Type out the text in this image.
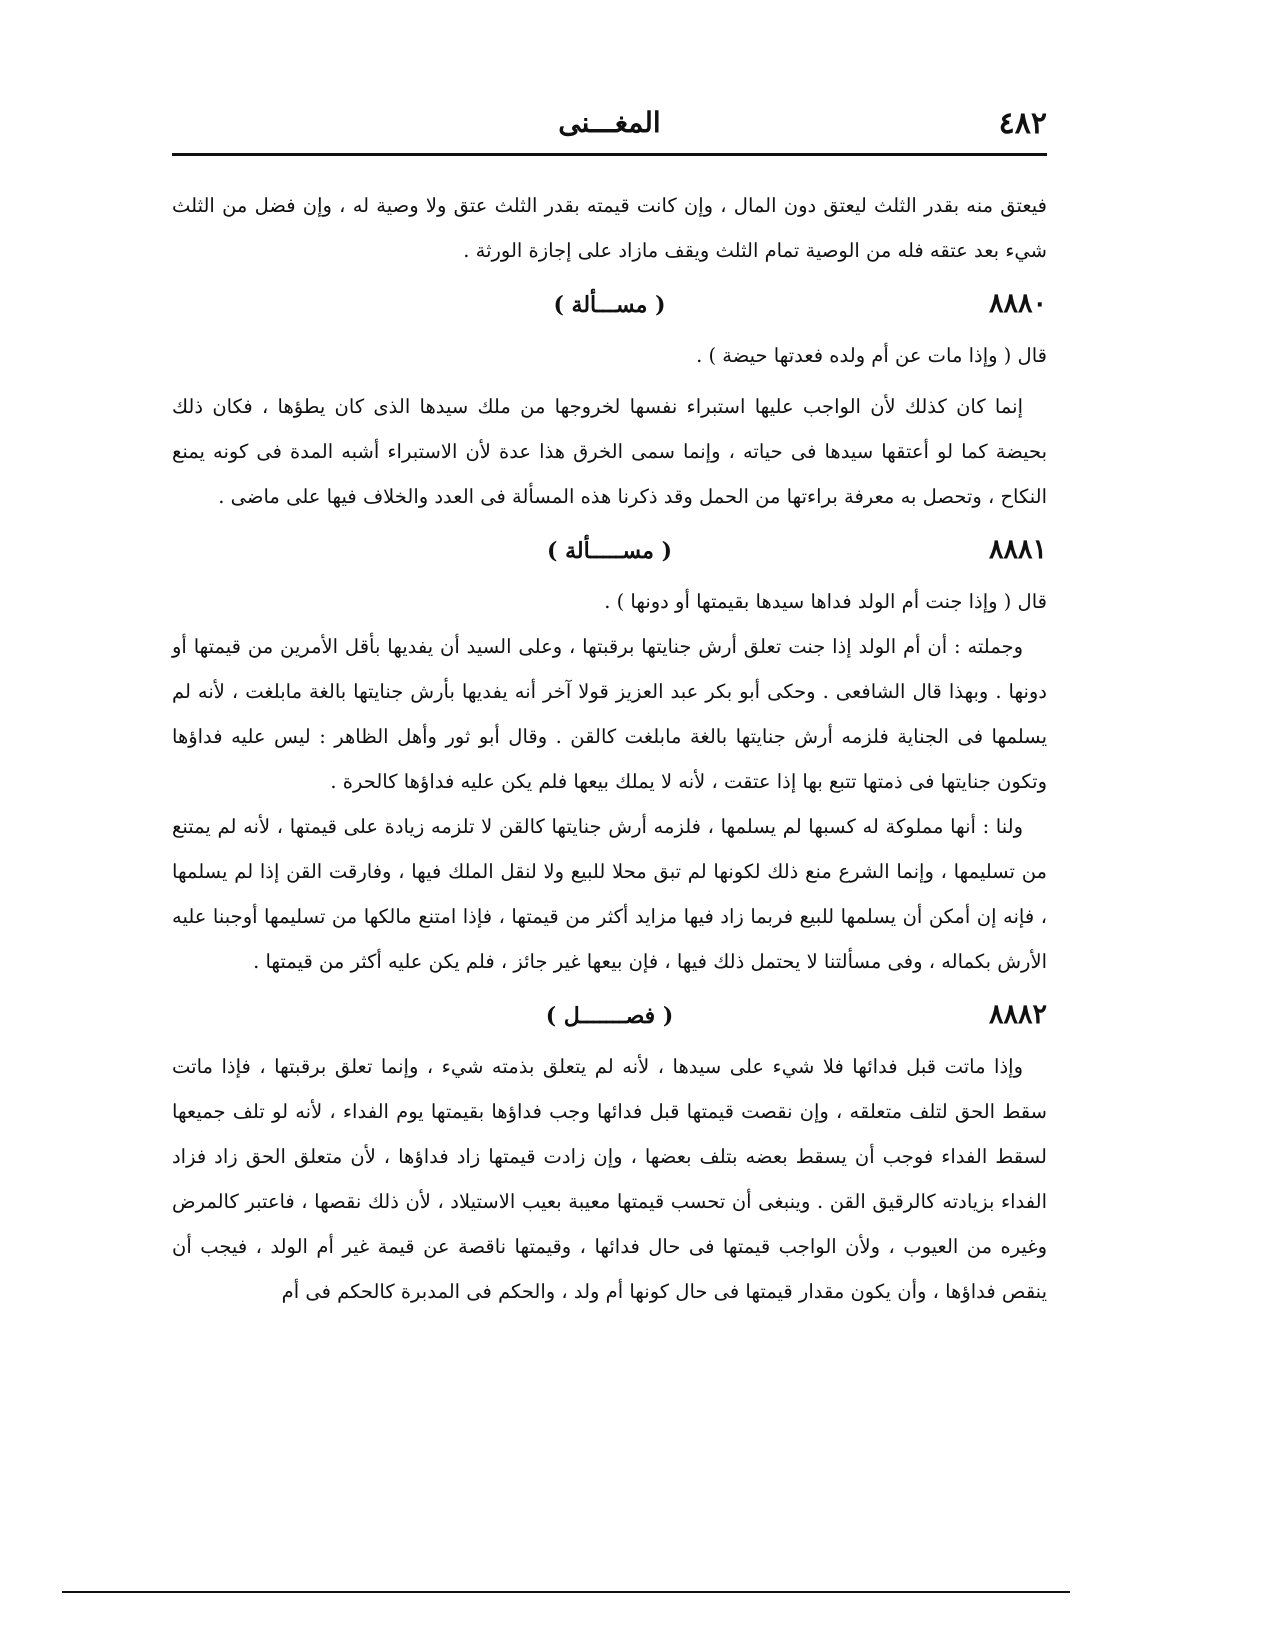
٤٨٢
المغـــنى

فيعتق منه بقدر الثلث ليعتق دون المال ، وإن كانت قيمته بقدر الثلث عتق ولا وصية له ، وإن فضل من الثلث شيء بعد عتقه فله من الوصية تمام الثلث ويقف مازاد على إجازة الورثة .

٨٨٨٠
( مســـألة )

قال ( وإذا مات عن أم ولده فعدتها حيضة ) .

إنما كان كذلك لأن الواجب عليها استبراء نفسها لخروجها من ملك سيدها الذى كان يطؤها ، فكان ذلك بحيضة كما لو أعتقها سيدها فى حياته ، وإنما سمى الخرق هذا عدة لأن الاستبراء أشبه المدة فى كونه يمنع النكاح ، وتحصل به معرفة براءتها من الحمل وقد ذكرنا هذه المسألة فى العدد والخلاف فيها على ماضى .

٨٨٨١
( مســـــألة )

قال ( وإذا جنت أم الولد فداها سيدها بقيمتها أو دونها ) .

وجملته : أن أم الولد إذا جنت تعلق أرش جنايتها برقبتها ، وعلى السيد أن يفديها بأقل الأمرين من قيمتها أو دونها . وبهذا قال الشافعى . وحكى أبو بكر عبد العزيز قولا آخر أنه يفديها بأرش جنايتها بالغة مابلغت ، لأنه لم يسلمها فى الجناية فلزمه أرش جنايتها بالغة مابلغت كالقن . وقال أبو ثور وأهل الظاهر : ليس عليه فداؤها وتكون جنايتها فى ذمتها تتبع بها إذا عتقت ، لأنه لا يملك بيعها فلم يكن عليه فداؤها كالحرة .

ولنا : أنها مملوكة له كسبها لم يسلمها ، فلزمه أرش جنايتها كالقن لا تلزمه زيادة على قيمتها ، لأنه لم يمتنع من تسليمها ، وإنما الشرع منع ذلك لكونها لم تبق محلا للبيع ولا لنقل الملك فيها ، وفارقت القن إذا لم يسلمها ، فإنه إن أمكن أن يسلمها للبيع فربما زاد فيها مزايد أكثر من قيمتها ، فإذا امتنع مالكها من تسليمها أوجبنا عليه الأرش بكماله ، وفى مسألتنا لا يحتمل ذلك فيها ، فإن بيعها غير جائز ، فلم يكن عليه أكثر من قيمتها .

٨٨٨٢
( فصـــــــل )

وإذا ماتت قبل فدائها فلا شيء على سيدها ، لأنه لم يتعلق بذمته شيء ، وإنما تعلق برقبتها ، فإذا ماتت سقط الحق لتلف متعلقه ، وإن نقصت قيمتها قبل فدائها وجب فداؤها بقيمتها يوم الفداء ، لأنه لو تلف جميعها لسقط الفداء فوجب أن يسقط بعضه بتلف بعضها ، وإن زادت قيمتها زاد فداؤها ، لأن متعلق الحق زاد فزاد الفداء بزيادته كالرقيق القن . وينبغى أن تحسب قيمتها معيبة بعيب الاستيلاد ، لأن ذلك نقصها ، فاعتبر كالمرض وغيره من العيوب ، ولأن الواجب قيمتها فى حال فدائها ، وقيمتها ناقصة عن قيمة غير أم الولد ، فيجب أن ينقص فداؤها ، وأن يكون مقدار قيمتها فى حال كونها أم ولد ، والحكم فى المدبرة كالحكم فى أم
